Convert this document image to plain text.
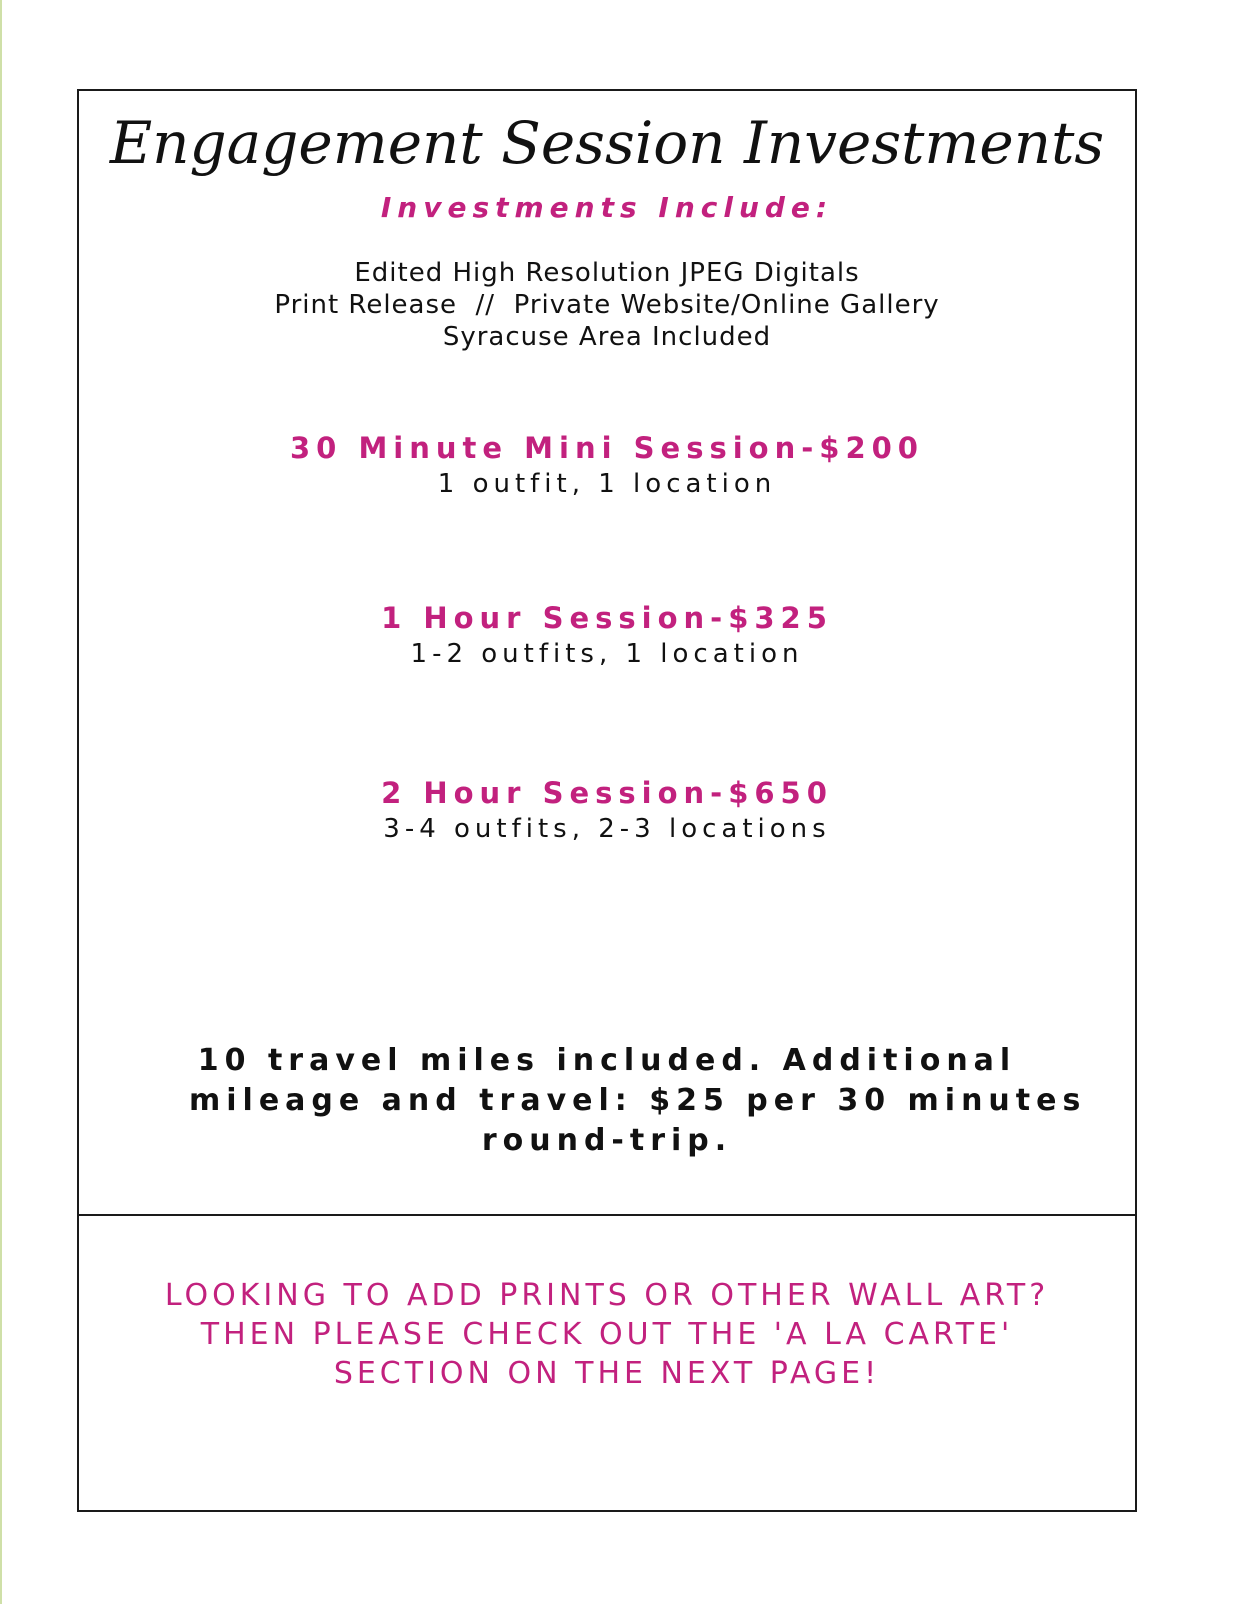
Engagement Session Investments
Investments Include:
Edited High Resolution JPEG Digitals
Print Release  //  Private Website/Online Gallery
Syracuse Area Included
30 Minute Mini Session-$200
1 outfit, 1 location
1 Hour Session-$325
1-2 outfits, 1 location
2 Hour Session-$650
3-4 outfits, 2-3 locations
10 travel miles included. Additional
mileage and travel: $25 per 30 minutes
round-trip.
LOOKING TO ADD PRINTS OR OTHER WALL ART?
THEN PLEASE CHECK OUT THE 'A LA CARTE'
SECTION ON THE NEXT PAGE!
